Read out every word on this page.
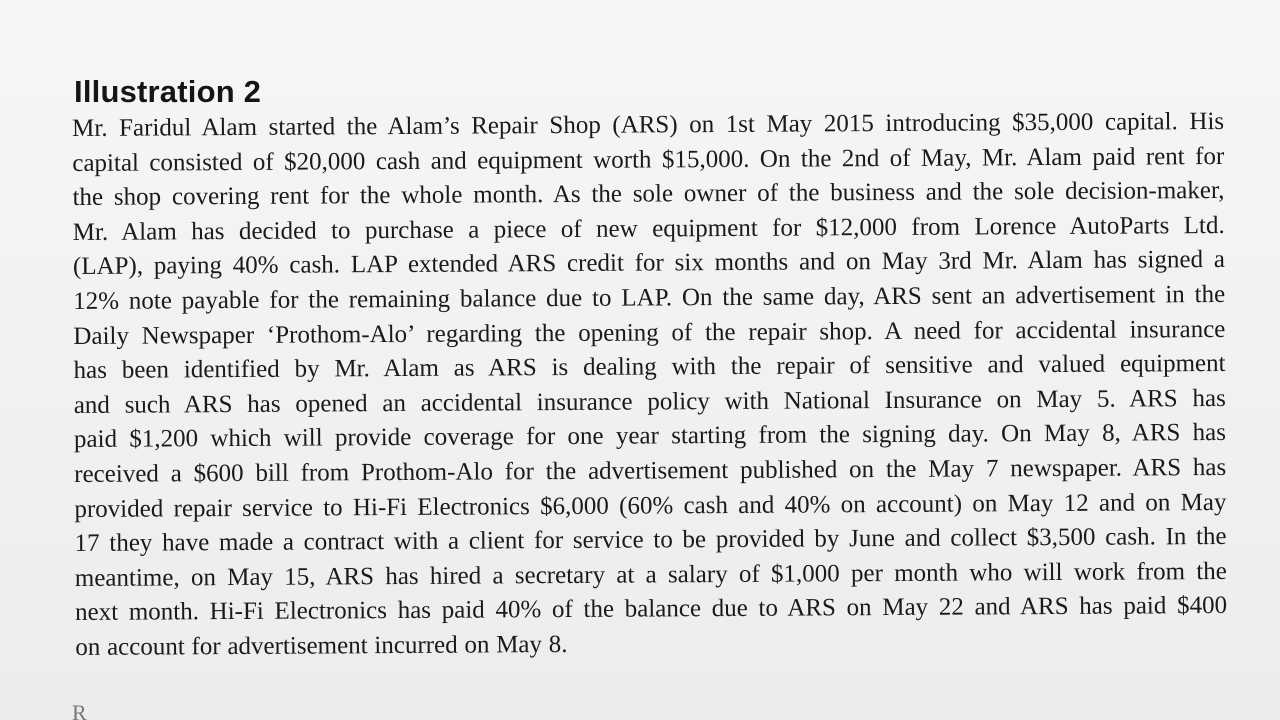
Illustration 2
Mr. Faridul Alam started the Alam’s Repair Shop (ARS) on 1st May 2015 introducing $35,000 capital. His
capital consisted of $20,000 cash and equipment worth $15,000. On the 2nd of May, Mr. Alam paid rent for
the shop covering rent for the whole month. As the sole owner of the business and the sole decision-maker,
Mr. Alam has decided to purchase a piece of new equipment for $12,000 from Lorence AutoParts Ltd.
(LAP), paying 40% cash. LAP extended ARS credit for six months and on May 3rd Mr. Alam has signed a
12% note payable for the remaining balance due to LAP. On the same day, ARS sent an advertisement in the
Daily Newspaper ‘Prothom-Alo’ regarding the opening of the repair shop. A need for accidental insurance
has been identified by Mr. Alam as ARS is dealing with the repair of sensitive and valued equipment
and such ARS has opened an accidental insurance policy with National Insurance on May 5. ARS has
paid $1,200 which will provide coverage for one year starting from the signing day. On May 8, ARS has
received a $600 bill from Prothom-Alo for the advertisement published on the May 7 newspaper. ARS has
provided repair service to Hi-Fi Electronics $6,000 (60% cash and 40% on account) on May 12 and on May
17 they have made a contract with a client for service to be provided by June and collect $3,500 cash. In the
meantime, on May 15, ARS has hired a secretary at a salary of $1,000 per month who will work from the
next month. Hi-Fi Electronics has paid 40% of the balance due to ARS on May 22 and ARS has paid $400
on account for advertisement incurred on May 8.
R
